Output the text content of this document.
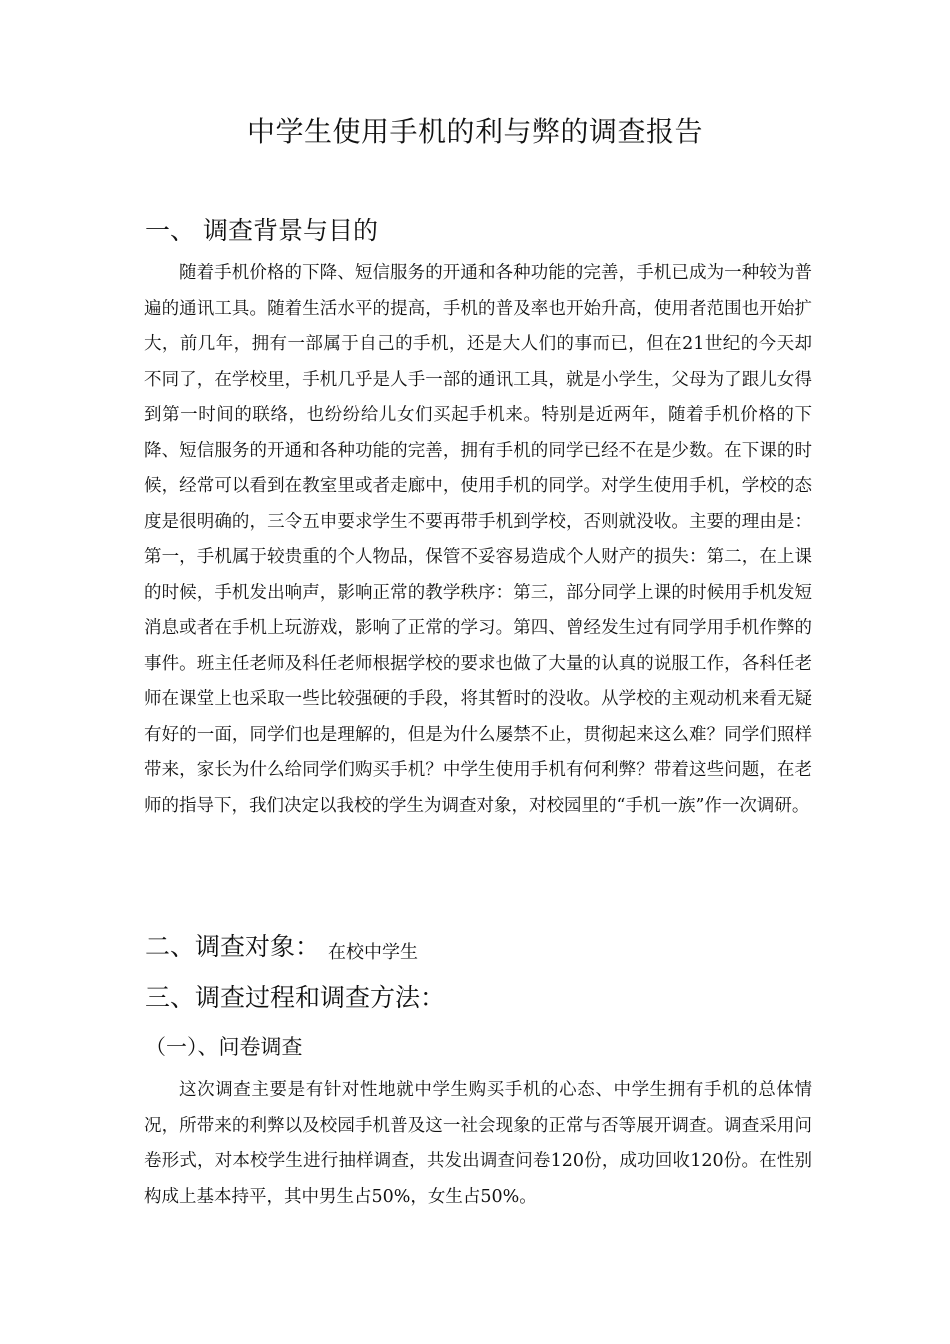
中学生使用手机的利与弊的调查报告
一、 调查背景与目的

随着手机价格的下降、短信服务的开通和各种功能的完善，手机已成为一种较为普遍的通讯工具。随着生活水平的提高，手机的普及率也开始升高，使用者范围也开始扩大，前几年，拥有一部属于自己的手机，还是大人们的事而已，但在21世纪的今天却不同了，在学校里，手机几乎是人手一部的通讯工具，就是小学生，父母为了跟儿女得到第一时间的联络，也纷纷给儿女们买起手机来。特别是近两年，随着手机价格的下降、短信服务的开通和各种功能的完善，拥有手机的同学已经不在是少数。在下课的时候，经常可以看到在教室里或者走廊中，使用手机的同学。对学生使用手机，学校的态度是很明确的，三令五申要求学生不要再带手机到学校，否则就没收。主要的理由是：第一，手机属于较贵重的个人物品，保管不妥容易造成个人财产的损失：第二，在上课的时候，手机发出响声，影响正常的教学秩序：第三，部分同学上课的时候用手机发短消息或者在手机上玩游戏，影响了正常的学习。第四、曾经发生过有同学用手机作弊的事件。班主任老师及科任老师根据学校的要求也做了大量的认真的说服工作，各科任老师在课堂上也采取一些比较强硬的手段，将其暂时的没收。从学校的主观动机来看无疑有好的一面，同学们也是理解的，但是为什么屡禁不止，贯彻起来这么难？同学们照样带来，家长为什么给同学们购买手机？中学生使用手机有何利弊？带着这些问题，在老师的指导下，我们决定以我校的学生为调查对象，对校园里的“手机一族”作一次调研。

二、调查对象： 在校中学生
三、调查过程和调查方法：
（一）、问卷调查

这次调查主要是有针对性地就中学生购买手机的心态、中学生拥有手机的总体情况，所带来的利弊以及校园手机普及这一社会现象的正常与否等展开调查。调查采用问卷形式，对本校学生进行抽样调查，共发出调查问卷120份，成功回收120份。在性别构成上基本持平，其中男生占50%，女生占50%。
